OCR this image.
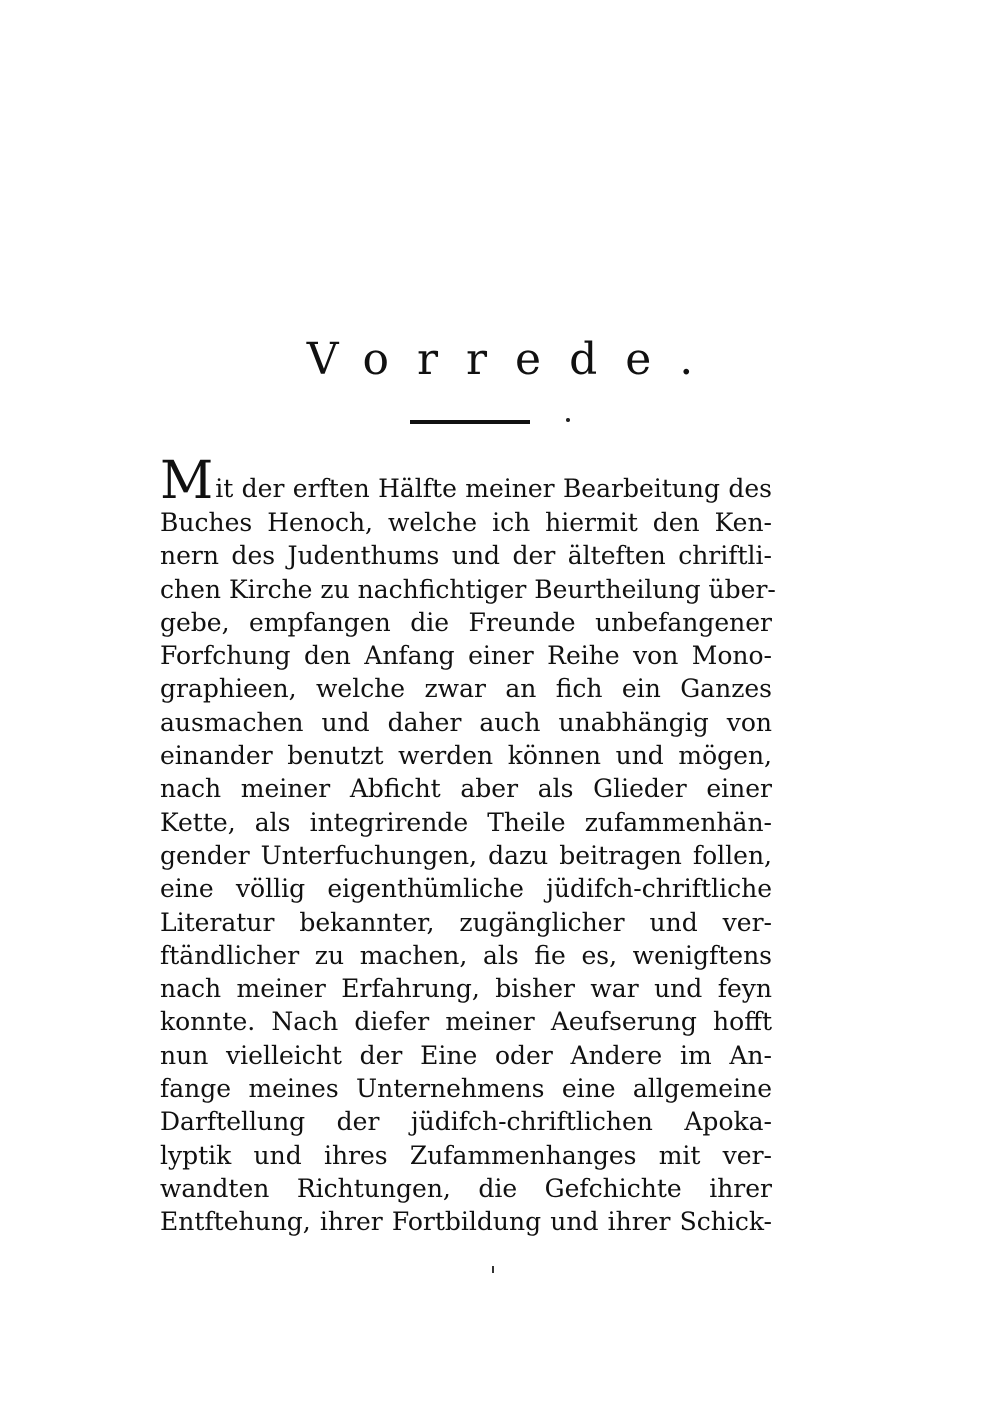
Vorrede.
M it der erften Hälfte meiner Bearbeitung des
Buches Henoch, welche ich hiermit den Ken-
nern des Judenthums und der älteften chriftli-
chen Kirche zu nachfichtiger Beurtheilung über-
gebe, empfangen die Freunde unbefangener
Forfchung den Anfang einer Reihe von Mono-
graphieen, welche zwar an fich ein Ganzes
ausmachen und daher auch unabhängig von
einander benutzt werden können und mögen,
nach meiner Abficht aber als Glieder einer
Kette, als integrirende Theile zufammenhän-
gender Unterfuchungen, dazu beitragen follen,
eine völlig eigenthümliche jüdifch-chriftliche
Literatur bekannter, zugänglicher und ver-
ftändlicher zu machen, als fie es, wenigftens
nach meiner Erfahrung, bisher war und feyn
konnte. Nach diefer meiner Aeufserung hofft
nun vielleicht der Eine oder Andere im An-
fange meines Unternehmens eine allgemeine
Darftellung der jüdifch-chriftlichen Apoka-
lyptik und ihres Zufammenhanges mit ver-
wandten Richtungen, die Gefchichte ihrer
Entftehung, ihrer Fortbildung und ihrer Schick-
